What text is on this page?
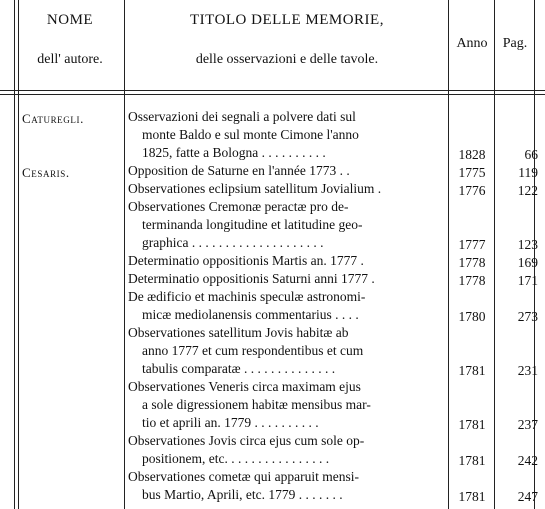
NOME
dell' autore.
TITOLO DELLE MEMORIE,
delle osservazioni e delle tavole.
Anno	Pag.
Caturegli.	Osservazioni dei segnali a polvere dati sul
monte Baldo e sul monte Cimone l'anno
1825, fatte a Bologna . . . . . . . . . .	1828	66
Cesaris.	Opposition de Saturne en l'année 1773 . .	1775	119
Observationes eclipsium satellitum Jovialium .	1776	122
Observationes Cremonæ peractæ pro de-
terminanda longitudine et latitudine geo-
graphica . . . . . . . . . . . . . . . . . . . .	1777	123
Determinatio oppositionis Martis an. 1777 .	1778	169
Determinatio oppositionis Saturni anni 1777 .	1778	171
De ædificio et machinis speculæ astronomi-
micæ mediolanensis commentarius . . . .	1780	273
Observationes satellitum Jovis habitæ ab
anno 1777 et cum respondentibus et cum
tabulis comparatæ . . . . . . . . . . . . . .	1781	231
Observationes Veneris circa maximam ejus
a sole digressionem habitæ mensibus mar-
tio et aprili an. 1779 . . . . . . . . . .	1781	237
Observationes Jovis circa ejus cum sole op-
positionem, etc. . . . . . . . . . . . . . . .	1781	242
Observationes cometæ qui apparuit mensi-
bus Martio, Aprili, etc. 1779 . . . . . . .	1781	247
